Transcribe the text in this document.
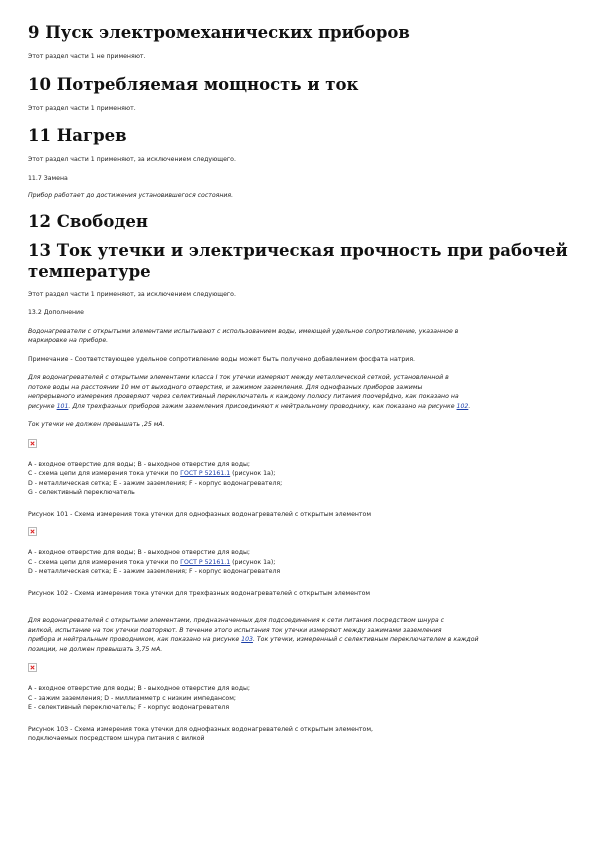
9 Пуск электромеханических приборов

Этот раздел части 1 не применяют.

10 Потребляемая мощность и ток

Этот раздел части 1 применяют.

11 Нагрев

Этот раздел части 1 применяют, за исключением следующего.

11.7 Замена

Прибор работает до достижения установившегося состояния.

12 Свободен
13 Ток утечки и электрическая прочность при рабочей
температуре

Этот раздел части 1 применяют, за исключением следующего.

13.2 Дополнение

Водонагреватели с открытыми элементами испытывают с использованием воды, имеющей удельное сопротивление, указанное в

маркировке на приборе.

Примечание - Соответствующее удельное сопротивление воды может быть получено добавлением фосфата натрия.

Для водонагревателей с открытыми элементами класса I ток утечки измеряют между металлической сеткой, установленной в

потоке воды на расстоянии 10 мм от выходного отверстия, и зажимом заземления. Для однофазных приборов зажимы

непрерывного измерения проверяют через селективный переключатель к каждому полюсу питания поочерёдно, как показано на

рисунке 101. Для трехфазных приборов зажим заземления присоединяют к нейтральному проводнику, как показано на рисунке 102.

Ток утечки не должен превышать ,25 мА.

А - входное отверстие для воды; В - выходное отверстие для воды;

С - схема цепи для измерения тока утечки по ГОСТ Р 52161.1 (рисунок 1а);

D - металлическая сетка; Е - зажим заземления; F - корпус водонагревателя;

G - селективный переключатель

Рисунок 101 - Схема измерения тока утечки для однофазных водонагревателей с открытым элементом

А - входное отверстие для воды; В - выходное отверстие для воды;

С - схема цепи для измерения тока утечки по ГОСТ Р 52161.1 (рисунок 1а);

D - металлическая сетка; Е - зажим заземления; F - корпус водонагревателя

Рисунок 102 - Схема измерения тока утечки для трехфазных водонагревателей с открытым элементом

Для водонагревателей с открытыми элементами, предназначенных для подсоединения к сети питания посредством шнура с

вилкой, испытание на ток утечки повторяют. В течение этого испытания ток утечки измеряют между зажимами заземления

прибора и нейтральным проводником, как показано на рисунке 103. Ток утечки, измеренный с селективным переключателем в каждой

позиции, не должен превышать 3,75 мА.

А - входное отверстие для воды; В - выходное отверстие для воды;

С - зажим заземления; D - миллиамметр с низким импедансом;

Е - селективный переключатель; F - корпус водонагревателя

Рисунок 103 - Схема измерения тока утечки для однофазных водонагревателей с открытым элементом,

подключаемых посредством шнура питания с вилкой
